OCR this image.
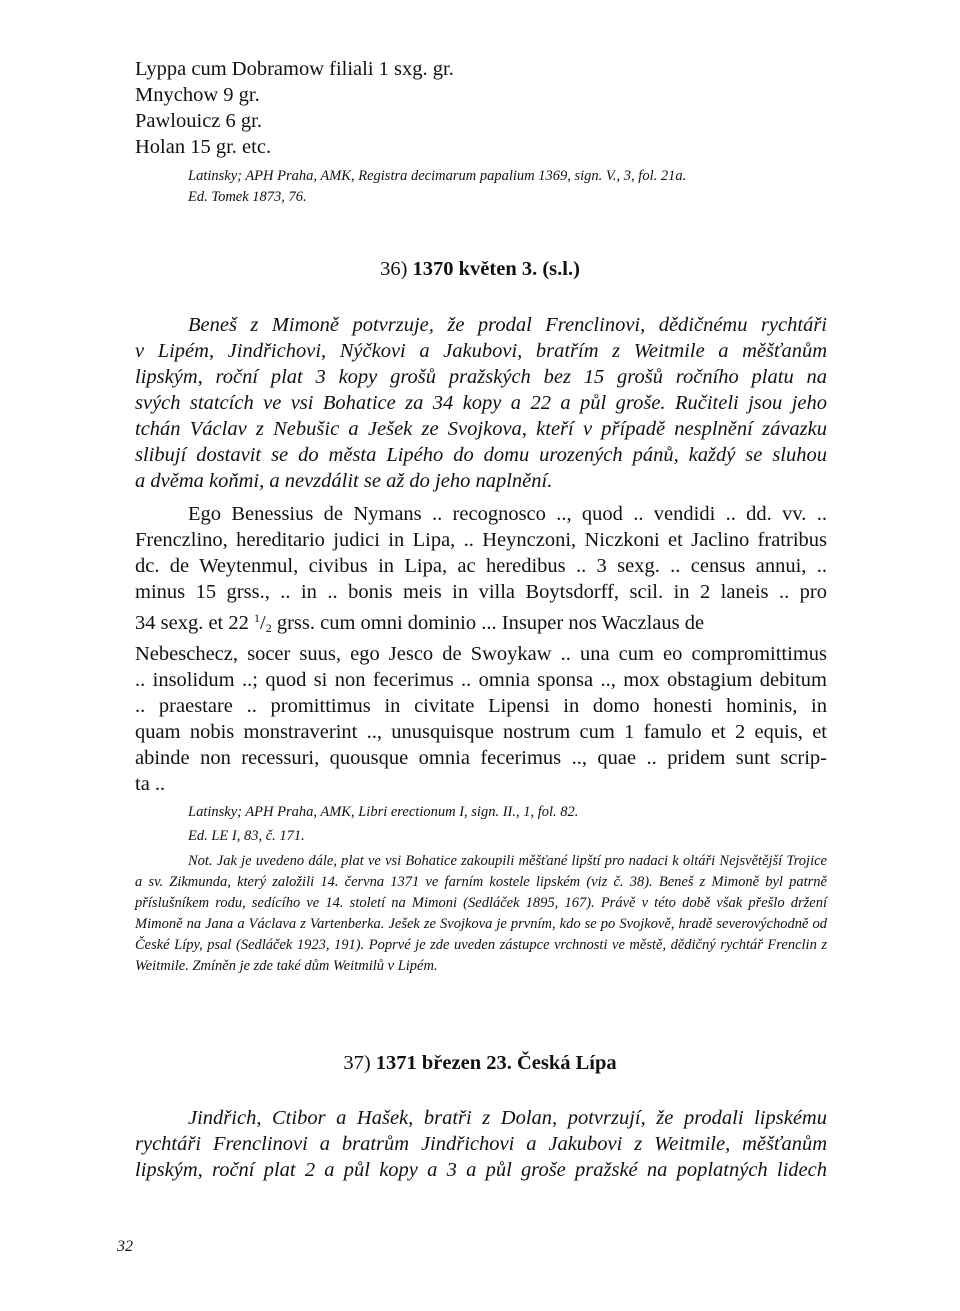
Lyppa cum Dobramow filiali 1 sxg. gr.
Mnychow 9 gr.
Pawlouicz 6 gr.
Holan 15 gr. etc.
Latinsky; APH Praha, AMK, Registra decimarum papalium 1369, sign. V., 3, fol. 21a.
Ed. Tomek 1873, 76.
36) 1370 květen 3. (s.l.)
Beneš z Mimoně potvrzuje, že prodal Frenclinovi, dědičnému rychtáři
v Lipém, Jindřichovi, Nýčkovi a Jakubovi, bratřím z Weitmile a měšťanům
lipským, roční plat 3 kopy grošů pražských bez 15 grošů ročního platu na
svých statcích ve vsi Bohatice za 34 kopy a 22 a půl groše. Ručiteli jsou jeho
tchán Václav z Nebušic a Ješek ze Svojkova, kteří v případě nesplnění závazku
slibují dostavit se do města Lipého do domu urozených pánů, každý se sluhou
a dvěma koňmi, a nevzdálit se až do jeho naplnění.
Ego Benessius de Nymans .. recognosco .., quod .. vendidi .. dd. vv. ..
Frenczlino, hereditario judici in Lipa, .. Heynczoni, Niczkoni et Jaclino fratribus
dc. de Weytenmul, civibus in Lipa, ac heredibus .. 3 sexg. .. census annui, ..
minus 15 grss., .. in .. bonis meis in villa Boytsdorff, scil. in 2 laneis .. pro
34 sexg. et 22 $^1/_2$ grss. cum omni dominio ... Insuper nos Waczlaus de
Nebeschecz, socer suus, ego Jesco de Swoykaw .. una cum eo compromittimus
.. insolidum ..; quod si non fecerimus .. omnia sponsa .., mox obstagium debitum
.. praestare .. promittimus in civitate Lipensi in domo honesti hominis, in
quam nobis monstraverint .., unusquisque nostrum cum 1 famulo et 2 equis, et
abinde non recessuri, quousque omnia fecerimus .., quae .. pridem sunt scrip-
ta ..
Latinsky; APH Praha, AMK, Libri erectionum I, sign. II., 1, fol. 82.
Ed. LE I, 83, č. 171.
Not. Jak je uvedeno dále, plat ve vsi Bohatice zakoupili měšťané lipští pro nadaci k oltáři Nejsvětější Trojice a sv. Zikmunda, který založili 14. června 1371 ve farním kostele lipském (viz č. 38). Beneš z Mimoně byl patrně příslušníkem rodu, sedícího ve 14. století na Mimoni (Sedláček 1895, 167). Právě v této době však přešlo držení Mimoně na Jana a Václava z Vartenberka. Ješek ze Svojkova je prvním, kdo se po Svojkově, hradě severovýchodně od České Lípy, psal (Sedláček 1923, 191). Poprvé je zde uveden zástupce vrchnosti ve městě, dědičný rychtář Frenclin z Weitmile. Zmíněn je zde také dům Weitmilů v Lipém.
37) 1371 březen 23. Česká Lípa
Jindřich, Ctibor a Hašek, bratři z Dolan, potvrzují, že prodali lipskému
rychtáři Frenclinovi a bratrům Jindřichovi a Jakubovi z Weitmile, měšťanům
lipským, roční plat 2 a půl kopy a 3 a půl groše pražské na poplatných lidech
32
